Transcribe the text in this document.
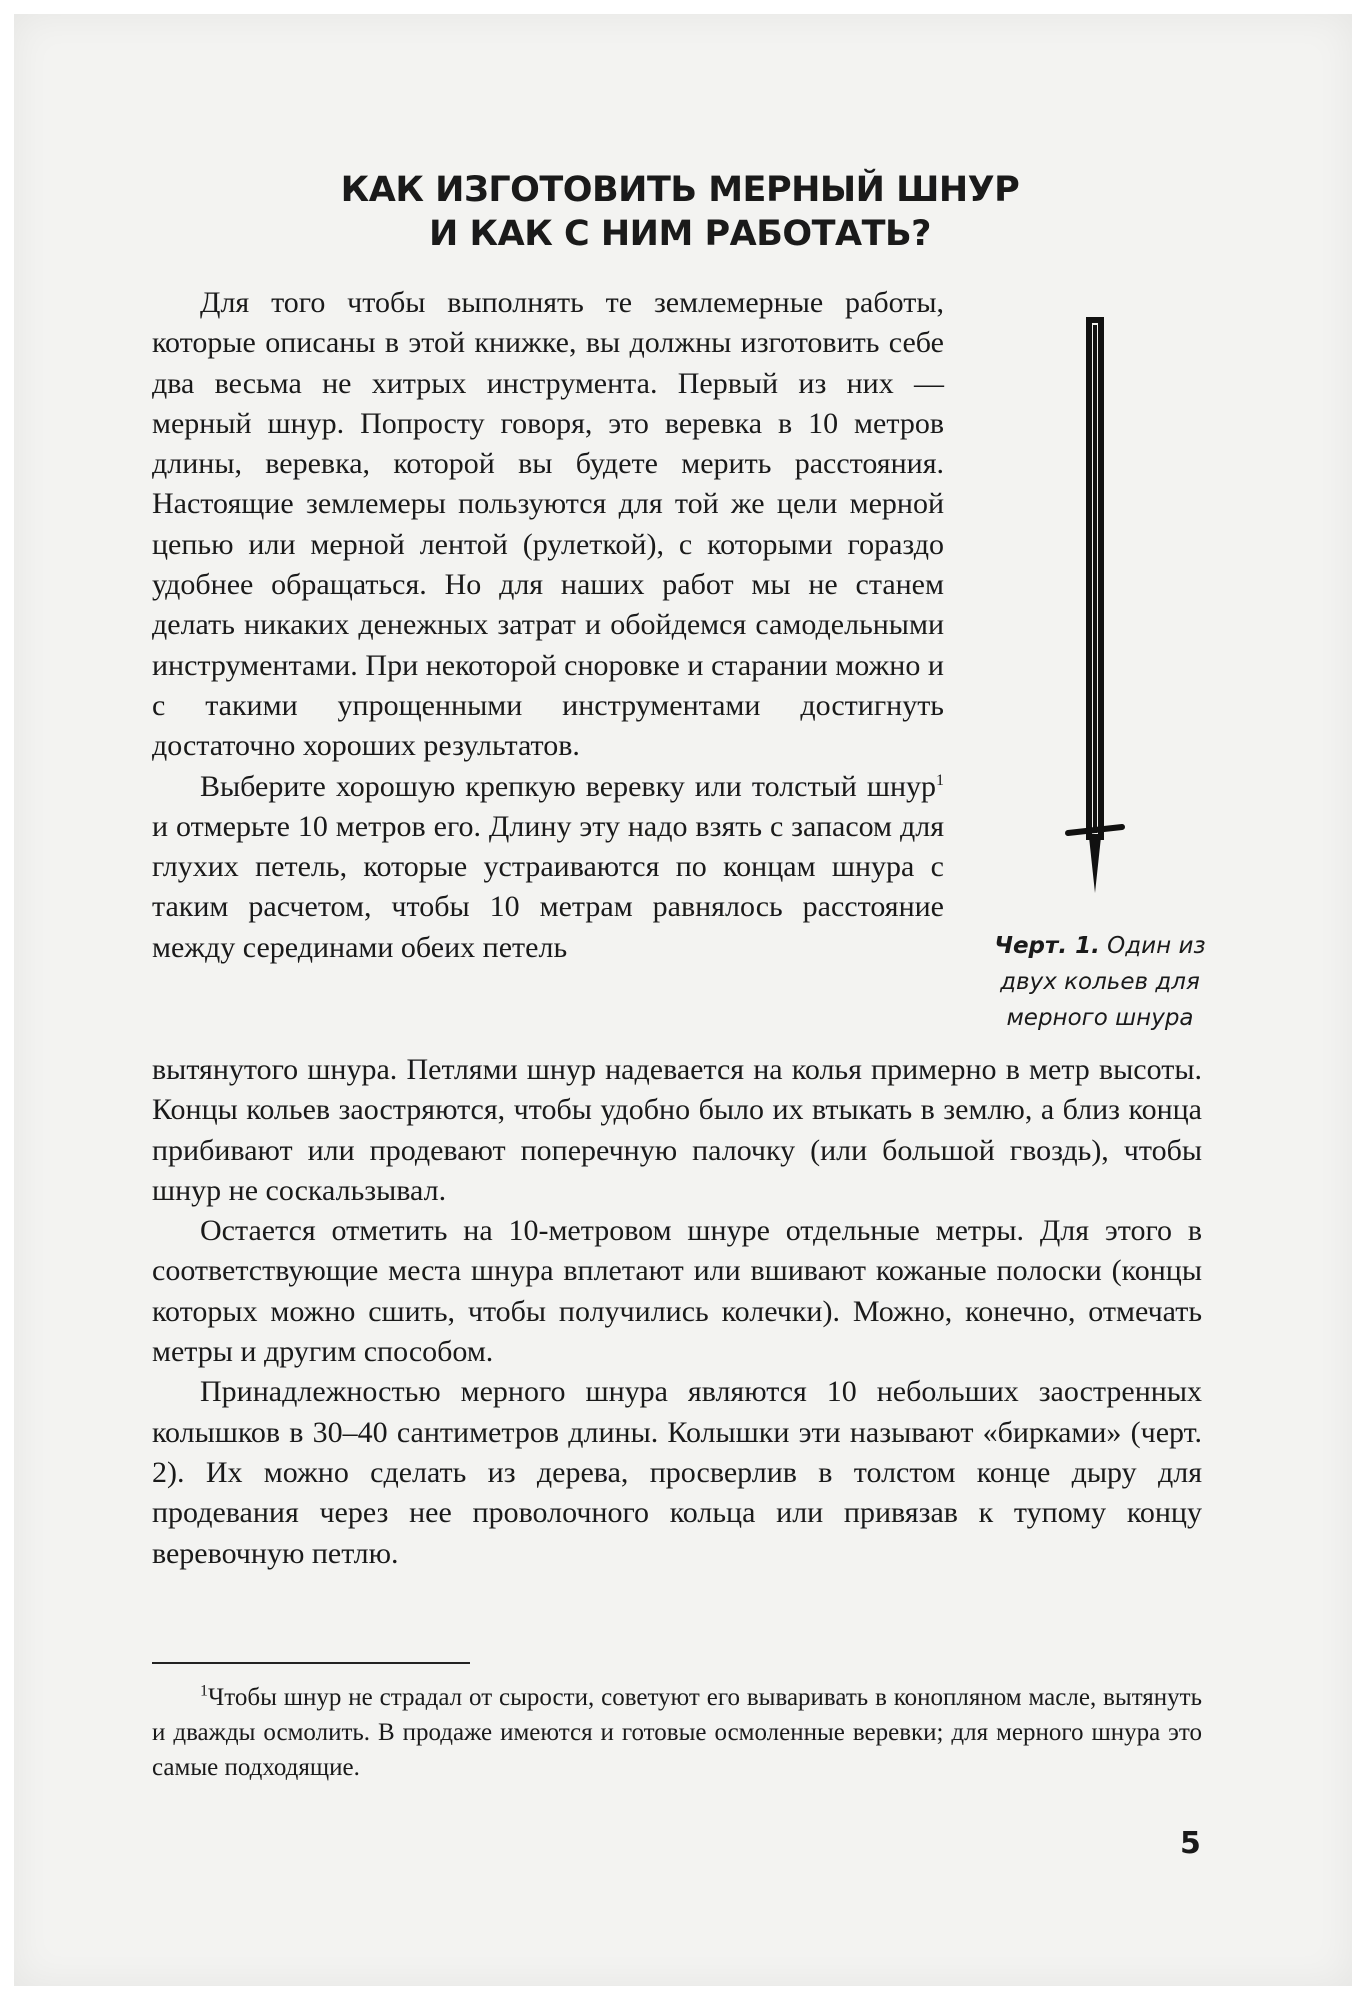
КАК ИЗГОТОВИТЬ МЕРНЫЙ ШНУР
И КАК С НИМ РАБОТАТЬ?

Для того чтобы выполнять те землемерные работы, которые описаны в этой книжке, вы должны изготовить себе два весьма не хитрых инструмента. Первый из них — мерный шнур. Попросту говоря, это веревка в 10 метров длины, веревка, которой вы будете мерить расстояния. Настоящие землемеры пользуются для той же цели мерной цепью или мерной лентой (рулеткой), с которыми гораздо удобнее обращаться. Но для наших работ мы не станем делать никаких денежных затрат и обойдемся самодельными инструментами. При некоторой сноровке и старании можно и с такими упрощенными инструментами достигнуть достаточно хороших результатов.

Выберите хорошую крепкую веревку или толстый шнур$^1$ и отмерьте 10 метров его. Длину эту надо взять с запасом для глухих петель, которые устраиваются по концам шнура с таким расчетом, чтобы 10 метрам равнялось расстояние между серединами обеих петель

вытянутого шнура. Петлями шнур надевается на колья примерно в метр высоты. Концы кольев заостряются, чтобы удобно было их втыкать в землю, а близ конца прибивают или продевают поперечную палочку (или большой гвоздь), чтобы шнур не соскальзывал.

Остается отметить на 10-метровом шнуре отдельные метры. Для этого в соответствующие места шнура вплетают или вшивают кожаные полоски (концы которых можно сшить, чтобы получились колечки). Можно, конечно, отмечать метры и другим способом.

Принадлежностью мерного шнура являются 10 небольших заостренных колышков в 30–40 сантиметров длины. Колышки эти называют «бирками» (черт. 2). Их можно сделать из дерева, просверлив в толстом конце дыру для продевания через нее проволочного кольца или привязав к тупому концу веревочную петлю.

Черт. 1. Один из двух кольев для мерного шнура

$^1$Чтобы шнур не страдал от сырости, советуют его вываривать в конопляном масле, вытянуть и дважды осмолить. В продаже имеются и готовые осмоленные веревки; для мерного шнура это самые подходящие.

5
